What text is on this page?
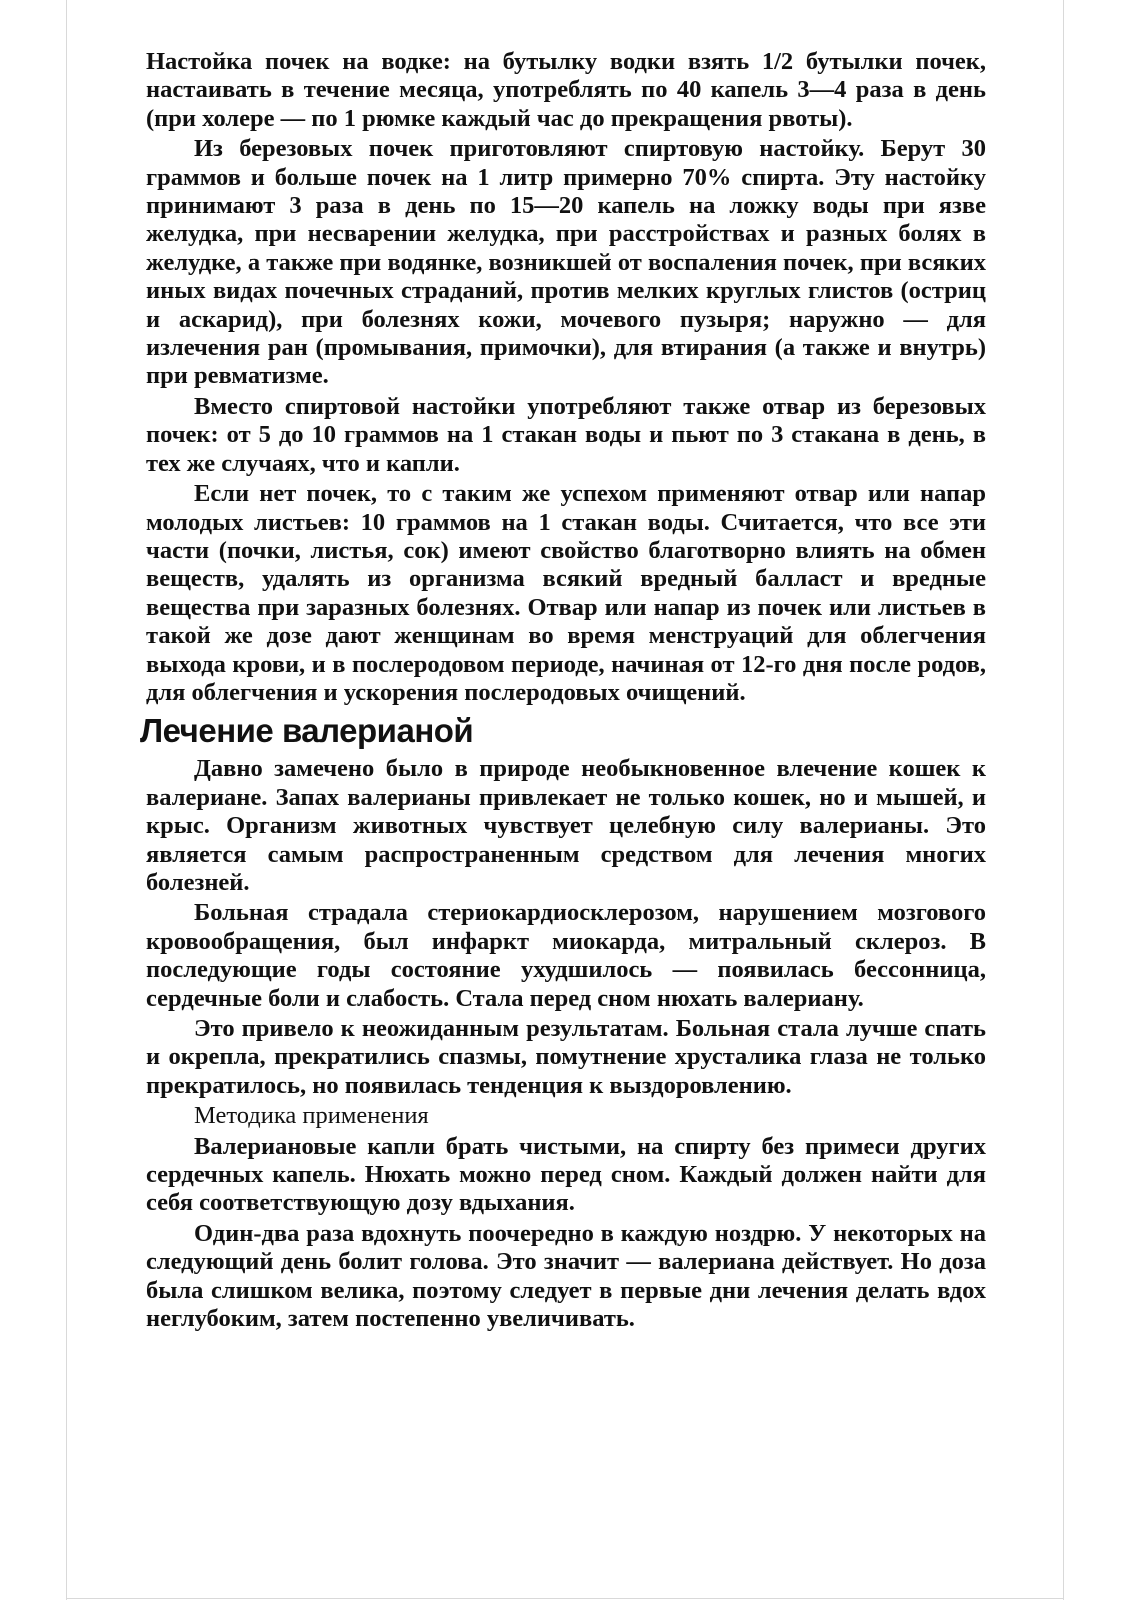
Настойка почек на водке: на бутылку водки взять 1/2 бутылки почек, настаивать в течение месяца, употреблять по 40 капель 3—4 раза в день (при холере — по 1 рюмке каждый час до прекращения рвоты).

Из березовых почек приготовляют спиртовую настойку. Берут 30 граммов и больше почек на 1 литр примерно 70% спирта. Эту настойку принимают 3 раза в день по 15—20 капель на ложку воды при язве желудка, при несварении желудка, при расстройствах и разных болях в желудке, а также при водянке, возникшей от воспаления почек, при всяких иных видах почечных страданий, против мелких круглых глистов (остриц и аскарид), при болезнях кожи, мочевого пузыря; наружно — для излечения ран (промывания, примочки), для втирания (а также и внутрь) при ревматизме.

Вместо спиртовой настойки употребляют также отвар из березовых почек: от 5 до 10 граммов на 1 стакан воды и пьют по 3 стакана в день, в тех же случаях, что и капли.

Если нет почек, то с таким же успехом применяют отвар или напар молодых листьев: 10 граммов на 1 стакан воды. Считается, что все эти части (почки, листья, сок) имеют свойство благотворно влиять на обмен веществ, удалять из организма всякий вредный балласт и вредные вещества при заразных болезнях. Отвар или напар из почек или листьев в такой же дозе дают женщинам во время менструаций для облегчения выхода крови, и в послеродовом периоде, начиная от 12-го дня после родов, для облегчения и ускорения послеродовых очищений.

Лечение валерианой

Давно замечено было в природе необыкновенное влечение кошек к валериане. Запах валерианы привлекает не только кошек, но и мышей, и крыс. Организм животных чувствует целебную силу валерианы. Это является самым распространенным средством для лечения многих болезней.

Больная страдала стериокардиосклерозом, нарушением мозгового кровообращения, был инфаркт миокарда, митральный склероз. В последующие годы состояние ухудшилось — появилась бессонница, сердечные боли и слабость. Стала перед сном нюхать валериану.

Это привело к неожиданным результатам. Больная стала лучше спать и окрепла, прекратились спазмы, помутнение хрусталика глаза не только прекратилось, но появилась тенденция к выздоровлению.

Методика применения

Валериановые капли брать чистыми, на спирту без примеси других сердечных капель. Нюхать можно перед сном. Каждый должен найти для себя соответствующую дозу вдыхания.

Один-два раза вдохнуть поочередно в каждую ноздрю. У некоторых на следующий день болит голова. Это значит — валериана действует. Но доза была слишком велика, поэтому следует в первые дни лечения делать вдох неглубоким, затем постепенно увеличивать.
